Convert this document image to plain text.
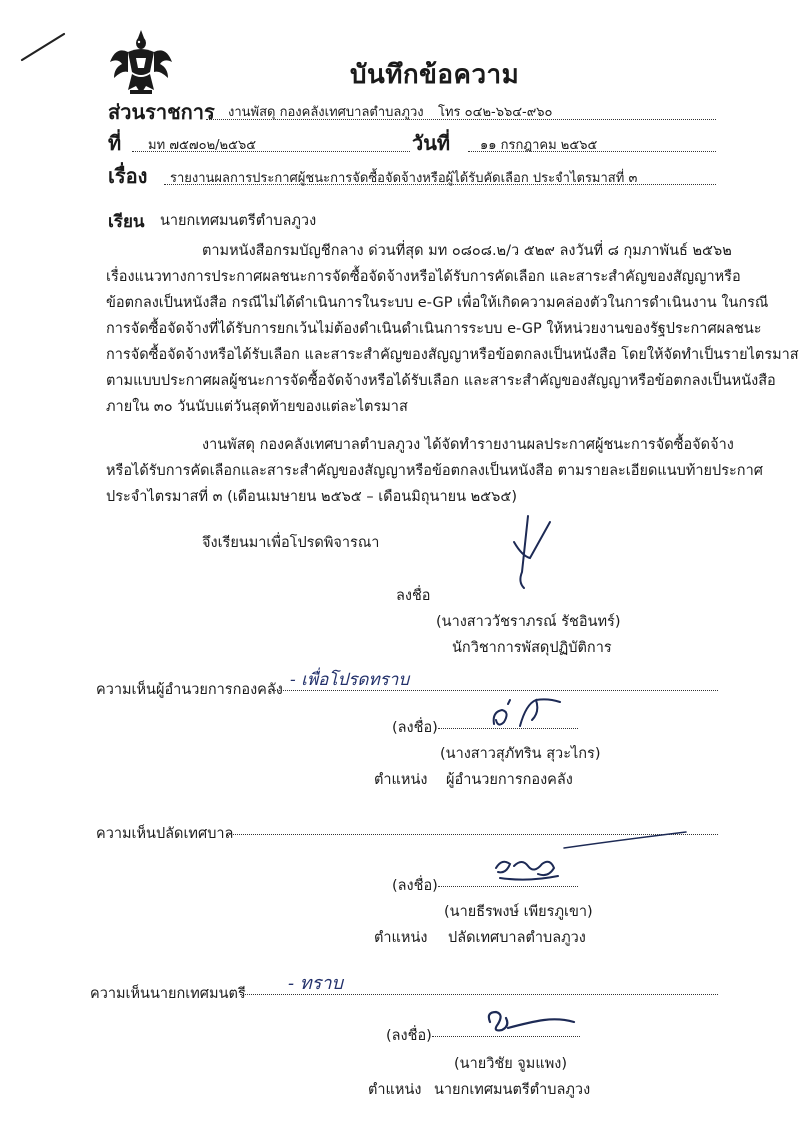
บันทึกข้อความ
ส่วนราชการ งานพัสดุ กองคลังเทศบาลตำบลภูวง โทร ๐๔๒-๖๖๔-๙๖๐
ที่ มท ๗๕๗๐๒/๒๕๖๕	วันที่ ๑๑ กรกฎาคม ๒๕๖๕
เรื่อง รายงานผลการประกาศผู้ชนะการจัดซื้อจัดจ้างหรือผู้ได้รับคัดเลือก ประจำไตรมาสที่ ๓
เรียน นายกเทศมนตรีตำบลภูวง

ตามหนังสือกรมบัญชีกลาง ด่วนที่สุด มท ๐๘๐๘.๒/ว ๕๒๙ ลงวันที่ ๘ กุมภาพันธ์ ๒๕๖๒

เรื่องแนวทางการประกาศผลชนะการจัดซื้อจัดจ้างหรือได้รับการคัดเลือก และสาระสำคัญของสัญญาหรือ

ข้อตกลงเป็นหนังสือ กรณีไม่ได้ดำเนินการในระบบ e-GP เพื่อให้เกิดความคล่องตัวในการดำเนินงาน ในกรณี

การจัดซื้อจัดจ้างที่ได้รับการยกเว้นไม่ต้องดำเนินดำเนินการระบบ e-GP ให้หน่วยงานของรัฐประกาศผลชนะ

การจัดซื้อจัดจ้างหรือได้รับเลือก และสาระสำคัญของสัญญาหรือข้อตกลงเป็นหนังสือ โดยให้จัดทำเป็นรายไตรมาส

ตามแบบประกาศผลผู้ชนะการจัดซื้อจัดจ้างหรือได้รับเลือก และสาระสำคัญของสัญญาหรือข้อตกลงเป็นหนังสือ

ภายใน ๓๐ วันนับแต่วันสุดท้ายของแต่ละไตรมาส

งานพัสดุ กองคลังเทศบาลตำบลภูวง ได้จัดทำรายงานผลประกาศผู้ชนะการจัดซื้อจัดจ้าง

หรือได้รับการคัดเลือกและสาระสำคัญของสัญญาหรือข้อตกลงเป็นหนังสือ ตามรายละเอียดแนบท้ายประกาศ

ประจำไตรมาสที่ ๓ (เดือนเมษายน ๒๕๖๕ – เดือนมิถุนายน ๒๕๖๕)

จึงเรียนมาเพื่อโปรดพิจารณา
ลงชื่อ
(นางสาววัชราภรณ์ รัชอินทร์)
นักวิชาการพัสดุปฏิบัติการ
ความเห็นผู้อำนวยการกองคลัง - เพื่อโปรดทราบ
(ลงชื่อ)
(นางสาวสุภัทริน สุวะไกร)
ตำแหน่ง ผู้อำนวยการกองคลัง
ความเห็นปลัดเทศบาล
(ลงชื่อ)
(นายธีรพงษ์ เพียรภูเขา)
ตำแหน่ง ปลัดเทศบาลตำบลภูวง
ความเห็นนายกเทศมนตรี - ทราบ
(ลงชื่อ)
(นายวิชัย จูมแพง)
ตำแหน่ง นายกเทศมนตรีตำบลภูวง
